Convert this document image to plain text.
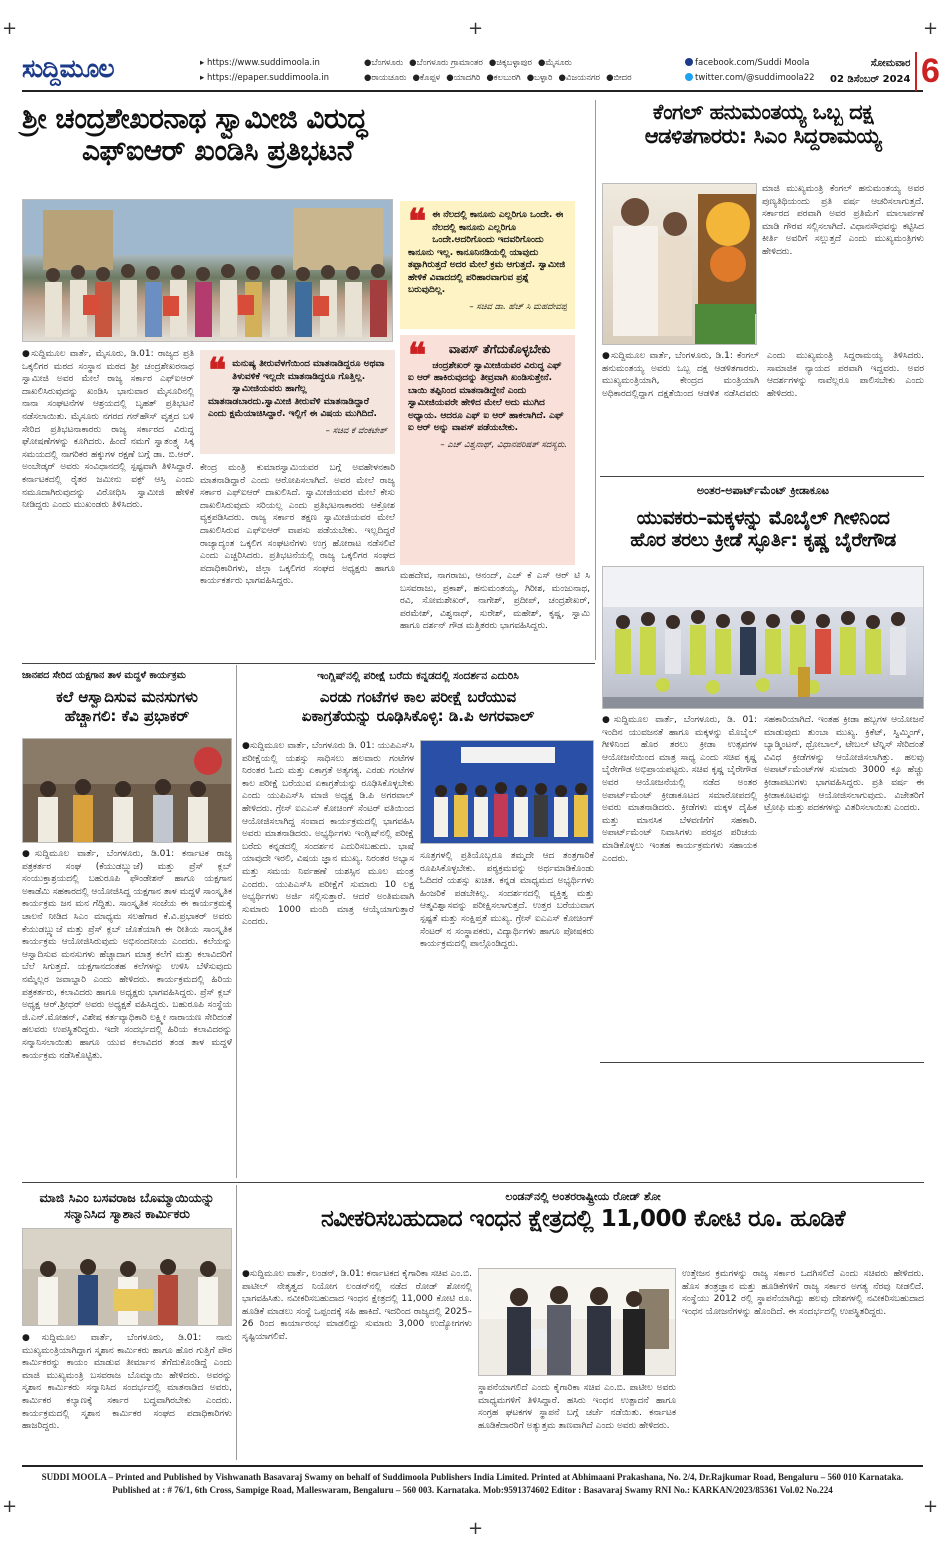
+	+
+	+
+
+
ಸುದ್ದಿಮೂಲ	▸ https://www.suddimoola.in
▸ https://epaper.suddimoola.in
●ಬೆಂಗಳೂರು ●ಬೆಂಗಳೂರು ಗ್ರಾಮಾಂತರ ●ಚಿಕ್ಕಬಳ್ಳಾಪುರ ●ಮೈಸೂರು
●ರಾಯಚೂರು ●ಕೊಪ್ಪಳ ●ಯಾದಗಿರಿ ●ಕಲಬುರಗಿ ●ಬಳ್ಳಾರಿ ●ವಿಜಯನಗರ ●ಬೀದರ
facebook.com/Suddi Moola
twitter.com/@suddimoola22
ಸೋಮವಾರ
02 ಡಿಸೆಂಬರ್ 2024 6
ಶ್ರೀ ಚಂದ್ರಶೇಖರನಾಥ ಸ್ವಾಮೀಜಿ ವಿರುದ್ಧ
ಎಫ್‌ಐಆರ್ ಖಂಡಿಸಿ ಪ್ರತಿಭಟನೆ
❝ ಈ ನೆಲದಲ್ಲಿ ಕಾನೂನು ಎಲ್ಲರಿಗೂ ಒಂದೇ. ಈ ನೆಲದಲ್ಲಿ ಕಾನೂನು ಎಲ್ಲರಿಗೂ ಒಂದೇ.ಆದರಿಗೊಂದು ಇದವರಿಗೊಂದು ಕಾನೂನು ಇಲ್ಲ. ಕಾನೂನಿನಡಿಯಲ್ಲಿ ಯಾವುದು ತಪ್ಪಾಗಿರುತ್ತದೆ ಅದರ ಮೇಲೆ ಕ್ರಮ ಆಗುತ್ತದೆ. ಸ್ವಾಮೀಜಿ ಹೇಳಿಕೆ ವಿವಾದದಲ್ಲಿ ಪರಿಹಾರವಾಗುವ ಪ್ರಶ್ನೆ ಬರುವುದಿಲ್ಲ.
– ಸಚಿವ ಡಾ. ಹೆಚ್ ಸಿ ಮಹದೇವಪ್ಪ
❝ ಮನುಷ್ಯ ತೀರುವೆಳಗೆಯಿಂದ ಮಾತನಾಡಿದ್ದರೂ ಅಥವಾ ತಿಳುವಳಿಕೆ ಇಲ್ಲದೇ ಮಾತನಾಡಿದ್ದರೂ ಗೊತ್ತಿಲ್ಲ. ಸ್ವಾಮೀಜಿಯವರು ಹಾಗೆಲ್ಲ ಮಾತನಾಡಬಾರದು.ಸ್ವಾಮೀಜಿ ತೀರುವೆಳಿ ಮಾತನಾಡಿದ್ದಾರೆ ಎಂದು ಕ್ಷಮೆಯಾಚಿಸಿದ್ದಾರೆ. ಇಲ್ಲಿಗೆ ಈ ವಿಷಯ ಮುಗಿದಿದೆ.
– ಸಚಿವ ಕೆ ವೆಂಕಟೇಶ್
❝	ವಾಪಸ್ ತೆಗೆದುಕೊಳ್ಳಬೇಕು
ಚಂದ್ರಶೇಖರ್ ಸ್ವಾಮೀಜಿಯವರ ವಿರುದ್ಧ ಎಫ್ ಐ ಆರ್ ಹಾಕಿರುವುದನ್ನು ತೀವ್ರವಾಗಿ ಖಂಡಿಸುತ್ತೇನೆ. ಬಾಯಿ ತಪ್ಪಿನಿಂದ ಮಾತನಾಡಿದ್ದೇನೆ ಎಂದು ಸ್ವಾಮೀಜಿಯವರೇ ಹೇಳಿದ ಮೇಲೆ ಅದು ಮುಗಿದ ಅಧ್ಯಾಯ. ಆದರೂ ಎಫ್ ಐ ಆರ್ ಹಾಕಲಾಗಿದೆ. ಎಫ್ ಐ ಆರ್ ಅನ್ನು ವಾಪಸ್ ಪಡೆಯಬೇಕು.
– ಎಚ್ ವಿಶ್ವನಾಥ್, ವಿಧಾನಪರಿಷತ್ ಸದಸ್ಯರು.
●ಸುದ್ದಿಮೂಲ ವಾರ್ತೆ, ಮೈಸೂರು, ಡಿ.01: ರಾಜ್ಯದ ಪ್ರತಿ ಒಕ್ಕಲಿಗರ ಮಠದ ಸಂಸ್ಥಾನ ಮಠದ ಶ್ರೀ ಚಂದ್ರಶೇಖರನಾಥ ಸ್ವಾಮೀಜಿ ಅವರ ಮೇಲೆ ರಾಜ್ಯ ಸರ್ಕಾರ ಎಫ್‌ಐಆರ್ ದಾಖಲಿಸಿರುವುದನ್ನು ಖಂಡಿಸಿ ಭಾನುವಾರ ಮೈಸೂರಿನಲ್ಲಿ ನಾನಾ ಸಂಘಟನೆಗಳ ಆಶ್ರಯದಲ್ಲಿ ಬೃಹತ್ ಪ್ರತಿಭಟನೆ ನಡೆಸಲಾಯಿತು. ಮೈಸೂರು ನಗರದ ಗನ್‌ಹೌಸ್ ವೃತ್ತದ ಬಳಿ ಸೇರಿದ ಪ್ರತಿಭಟನಾಕಾರರು ರಾಜ್ಯ ಸರ್ಕಾರದ ವಿರುದ್ಧ ಘೋಷಣೆಗಳನ್ನು ಕೂಗಿದರು. ಹಿಂದೆ ನಮಗೆ ಸ್ವಾತಂತ್ರ್ಯ ಸಿಕ್ಕ ಸಮಯದಲ್ಲಿ ನಾಗರಿಕರ ಹಕ್ಕುಗಳ ರಕ್ಷಣೆ ಬಗ್ಗೆ ಡಾ. ಬಿ.ಆರ್. ಅಂಬೇಡ್ಕರ್ ಅವರು ಸಂವಿಧಾನದಲ್ಲಿ ಸ್ಪಷ್ಟವಾಗಿ ತಿಳಿಸಿದ್ದಾರೆ. ಕರ್ನಾಟಕದಲ್ಲಿ ರೈತರ ಜಮೀನು ವಕ್ಫ್ ಆಸ್ತಿ ಎಂದು ನಮೂದಾಗಿರುವುದನ್ನು ವಿರೋಧಿಸಿ ಸ್ವಾಮೀಜಿ ಹೇಳಿಕೆ ನೀಡಿದ್ದರು ಎಂದು ಮುಖಂಡರು ತಿಳಿಸಿದರು.
ಕೇಂದ್ರ ಮಂತ್ರಿ ಕುಮಾರಸ್ವಾಮಿಯವರ ಬಗ್ಗೆ ಅವಹೇಳನಕಾರಿ ಮಾತನಾಡಿದ್ದಾರೆ ಎಂದು ಆರೋಪಿಸಲಾಗಿದೆ. ಅವರ ಮೇಲೆ ರಾಜ್ಯ ಸರ್ಕಾರ ಎಫ್‌ಐಆರ್ ದಾಖಲಿಸಿದೆ. ಸ್ವಾಮೀಜಿಯವರ ಮೇಲೆ ಕೇಸು ದಾಖಲಿಸಿರುವುದು ಸರಿಯಲ್ಲ ಎಂದು ಪ್ರತಿಭಟನಾಕಾರರು ಆಕ್ರೋಶ ವ್ಯಕ್ತಪಡಿಸಿದರು. ರಾಜ್ಯ ಸರ್ಕಾರ ತಕ್ಷಣ ಸ್ವಾಮೀಜಿಯವರ ಮೇಲೆ ದಾಖಲಿಸಿರುವ ಎಫ್‌ಐಆರ್ ವಾಪಸು ಪಡೆಯಬೇಕು. ಇಲ್ಲದಿದ್ದರೆ ರಾಜ್ಯಾದ್ಯಂತ ಒಕ್ಕಲಿಗ ಸಂಘಟನೆಗಳು ಉಗ್ರ ಹೋರಾಟ ನಡೆಸಲಿವೆ ಎಂದು ಎಚ್ಚರಿಸಿದರು. ಪ್ರತಿಭಟನೆಯಲ್ಲಿ ರಾಜ್ಯ ಒಕ್ಕಲಿಗರ ಸಂಘದ ಪದಾಧಿಕಾರಿಗಳು, ಜಿಲ್ಲಾ ಒಕ್ಕಲಿಗರ ಸಂಘದ ಅಧ್ಯಕ್ಷರು ಹಾಗೂ ಕಾರ್ಯಕರ್ತರು ಭಾಗವಹಿಸಿದ್ದರು.
ಮಹದೇವ, ನಾಗರಾಜು, ಆನಂದ್, ಎಚ್ ಕೆ ಎಸ್ ಆರ್ ಟಿ ಸಿ ಬಸವರಾಜು, ಪ್ರಕಾಶ್, ಹನುಮಂತಯ್ಯ, ಗಿರೀಶ, ಮಂಜುನಾಥ, ರವಿ, ಸೋಮಶೇಖರ್, ನಾಗೇಶ್, ಪ್ರದೀಪ್, ಚಂದ್ರಶೇಖರ್, ಪರಮೇಶ್, ವಿಶ್ವನಾಥ್, ಸುರೇಶ್, ಮಹೇಶ್, ಕೃಷ್ಣ, ಸ್ವಾಮಿ ಹಾಗೂ ದರ್ಶನ್ ಗೌಡ ಮತ್ತಿತರರು ಭಾಗವಹಿಸಿದ್ದರು.
ಕೆಂಗಲ್ ಹನುಮಂತಯ್ಯ ಒಬ್ಬ ದಕ್ಷ
ಆಡಳಿತಗಾರರು: ಸಿಎಂ ಸಿದ್ದರಾಮಯ್ಯ
ಮಾಜಿ ಮುಖ್ಯಮಂತ್ರಿ ಕೆಂಗಲ್ ಹನುಮಂತಯ್ಯ ಅವರ ಪುಣ್ಯತಿಥಿಯಂದು ಪ್ರತಿ ವರ್ಷ ಆಚರಿಸಲಾಗುತ್ತದೆ. ಸರ್ಕಾರದ ಪರವಾಗಿ ಅವರ ಪ್ರತಿಮೆಗೆ ಮಾಲಾರ್ಪಣೆ ಮಾಡಿ ಗೌರವ ಸಲ್ಲಿಸಲಾಗಿದೆ. ವಿಧಾನಸೌಧವನ್ನು ಕಟ್ಟಿಸಿದ ಕೀರ್ತಿ ಅವರಿಗೆ ಸಲ್ಲುತ್ತದೆ ಎಂದು ಮುಖ್ಯಮಂತ್ರಿಗಳು ಹೇಳಿದರು.
●ಸುದ್ದಿಮೂಲ ವಾರ್ತೆ, ಬೆಂಗಳೂರು, ಡಿ.1: ಕೆಂಗಲ್ ಹನುಮಂತಯ್ಯ ಅವರು ಒಬ್ಬ ದಕ್ಷ ಆಡಳಿತಗಾರರು. ಮುಖ್ಯಮಂತ್ರಿಯಾಗಿ, ಕೇಂದ್ರದ ಮಂತ್ರಿಯಾಗಿ ಅಧಿಕಾರದಲ್ಲಿದ್ದಾಗ ದಕ್ಷತೆಯಿಂದ ಆಡಳಿತ ನಡೆಸಿದವರು ಎಂದು ಮುಖ್ಯಮಂತ್ರಿ ಸಿದ್ದರಾಮಯ್ಯ ತಿಳಿಸಿದರು. ಸಾಮಾಜಿಕ ನ್ಯಾಯದ ಪರವಾಗಿ ಇದ್ದವರು. ಅವರ ಆದರ್ಶಗಳನ್ನು ನಾವೆಲ್ಲರೂ ಪಾಲಿಸಬೇಕು ಎಂದು ಹೇಳಿದರು.
ಅಂತರ-ಅಪಾರ್ಟ್‌ಮೆಂಟ್ ಕ್ರೀಡಾಕೂಟ
ಯುವಕರು–ಮಕ್ಕಳನ್ನು ಮೊಬೈಲ್ ಗೀಳಿನಿಂದ
ಹೊರ ತರಲು ಕ್ರೀಡೆ ಸ್ಫೂರ್ತಿ: ಕೃಷ್ಣ ಬೈರೇಗೌಡ
●ಸುದ್ದಿಮೂಲ ವಾರ್ತೆ, ಬೆಂಗಳೂರು, ಡಿ. 01: ಇಂದಿನ ಯುವಜನತೆ ಹಾಗೂ ಮಕ್ಕಳನ್ನು ಮೊಬೈಲ್ ಗೀಳಿನಿಂದ ಹೊರ ತರಲು ಕ್ರೀಡಾ ಉತ್ಸವಗಳ ಆಯೋಜನೆಯಿಂದ ಮಾತ್ರ ಸಾಧ್ಯ ಎಂದು ಸಚಿವ ಕೃಷ್ಣ ಬೈರೇಗೌಡ ಅಭಿಪ್ರಾಯಪಟ್ಟರು. ಸಚಿವ ಕೃಷ್ಣ ಬೈರೇಗೌಡ ಅವರ ಆಯೋಜನೆಯಲ್ಲಿ ನಡೆದ ಅಂತರ ಅಪಾರ್ಟ್‌ಮೆಂಟ್ ಕ್ರೀಡಾಕೂಟದ ಸಮಾರೋಪದಲ್ಲಿ ಅವರು ಮಾತನಾಡಿದರು. ಕ್ರೀಡೆಗಳು ಮಕ್ಕಳ ದೈಹಿಕ ಮತ್ತು ಮಾನಸಿಕ ಬೆಳವಣಿಗೆಗೆ ಸಹಕಾರಿ. ಅಪಾರ್ಟ್‌ಮೆಂಟ್ ನಿವಾಸಿಗಳು ಪರಸ್ಪರ ಪರಿಚಯ ಮಾಡಿಕೊಳ್ಳಲು ಇಂತಹ ಕಾರ್ಯಕ್ರಮಗಳು ಸಹಾಯಕ ಎಂದರು.
ಸಹಕಾರಿಯಾಗಿದೆ. ಇಂತಹ ಕ್ರೀಡಾ ಹಬ್ಬಗಳ ಆಯೋಜನೆ ಮಾಡುವುದು ತುಂಬಾ ಮುಖ್ಯ. ಕ್ರಿಕೆಟ್, ಸ್ವಿಮ್ಮಿಂಗ್, ಬ್ಯಾಡ್ಮಿಂಟನ್, ಥ್ರೋಬಾಲ್, ಟೇಬಲ್ ಟೆನ್ನಿಸ್ ಸೇರಿದಂತೆ ವಿವಿಧ ಕ್ರೀಡೆಗಳನ್ನು ಆಯೋಜಿಸಲಾಗಿತ್ತು. ಹಲವು ಅಪಾರ್ಟ್‌ಮೆಂಟ್‌ಗಳ ಸುಮಾರು 3000 ಕ್ಕೂ ಹೆಚ್ಚು ಕ್ರೀಡಾಪಟುಗಳು ಭಾಗವಹಿಸಿದ್ದರು. ಪ್ರತಿ ವರ್ಷ ಈ ಕ್ರೀಡಾಕೂಟವನ್ನು ಆಯೋಜಿಸಲಾಗುವುದು. ವಿಜೇತರಿಗೆ ಟ್ರೋಫಿ ಮತ್ತು ಪದಕಗಳನ್ನು ವಿತರಿಸಲಾಯಿತು ಎಂದರು.
ಜಾನಪದ ಸೇರಿದ ಯಕ್ಷಗಾನ ತಾಳ ಮದ್ದಳೆ ಕಾರ್ಯಕ್ರಮ
ಕಲೆ ಆಸ್ವಾದಿಸುವ ಮನಸುಗಳು
ಹೆಚ್ಚಾಗಲಿ: ಕೆವಿ ಪ್ರಭಾಕರ್
●ಸುದ್ದಿಮೂಲ ವಾರ್ತೆ, ಬೆಂಗಳೂರು, ಡಿ.01: ಕರ್ನಾಟಕ ರಾಜ್ಯ ಪತ್ರಕರ್ತರ ಸಂಘ (ಕೆಯುಡಬ್ಲ್ಯುಜೆ) ಮತ್ತು ಪ್ರೆಸ್ ಕ್ಲಬ್ ಸಂಯುಕ್ತಾಶ್ರಯದಲ್ಲಿ ಬಹುರೂಪಿ ಫೌಂಡೇಶನ್ ಹಾಗೂ ಯಕ್ಷಗಾನ ಅಕಾಡೆಮಿ ಸಹಕಾರದಲ್ಲಿ ಆಯೋಜಿಸಿದ್ದ ಯಕ್ಷಗಾನ ತಾಳ ಮದ್ದಳೆ ಸಾಂಸ್ಕೃತಿಕ ಕಾರ್ಯಕ್ರಮ ಜನ ಮನ ಗೆದ್ದಿತು. ಸಾಂಸ್ಕೃತಿಕ ಸಂಜೆಯ ಈ ಕಾರ್ಯಕ್ರಮಕ್ಕೆ ಚಾಲನೆ ನೀಡಿದ ಸಿಎಂ ಮಾಧ್ಯಮ ಸಲಹೆಗಾರ ಕೆ.ವಿ.ಪ್ರಭಾಕರ್ ಅವರು ಕೆಯುಡಬ್ಲ್ಯುಜೆ ಮತ್ತು ಪ್ರೆಸ್ ಕ್ಲಬ್ ಜೊತೆಯಾಗಿ ಈ ರೀತಿಯ ಸಾಂಸ್ಕೃತಿಕ ಕಾರ್ಯಕ್ರಮ ಆಯೋಜಿಸಿರುವುದು ಅಭಿನಂದನೀಯ ಎಂದರು. ಕಲೆಯನ್ನು ಆಸ್ವಾದಿಸುವ ಮನಸುಗಳು ಹೆಚ್ಚಾದಾಗ ಮಾತ್ರ ಕಲೆಗೆ ಮತ್ತು ಕಲಾವಿದರಿಗೆ ಬೆಲೆ ಸಿಗುತ್ತದೆ. ಯಕ್ಷಗಾನದಂತಹ ಕಲೆಗಳನ್ನು ಉಳಿಸಿ ಬೆಳೆಸುವುದು ನಮ್ಮೆಲ್ಲರ ಜವಾಬ್ದಾರಿ ಎಂದು ಹೇಳಿದರು. ಕಾರ್ಯಕ್ರಮದಲ್ಲಿ ಹಿರಿಯ ಪತ್ರಕರ್ತರು, ಕಲಾವಿದರು ಹಾಗೂ ಅಧ್ಯಕ್ಷರು ಭಾಗವಹಿಸಿದ್ದರು. ಪ್ರೆಸ್ ಕ್ಲಬ್ ಅಧ್ಯಕ್ಷ ಆರ್.ಶ್ರೀಧರ್ ಅವರು ಅಧ್ಯಕ್ಷತೆ ವಹಿಸಿದ್ದರು. ಬಹುರೂಪಿ ಸಂಸ್ಥೆಯ ಜಿ.ಎನ್.ಮೋಹನ್, ವಿಶೇಷ ಕರ್ತವ್ಯಾಧಿಕಾರಿ ಲಕ್ಷ್ಮೀ ನಾರಾಯಣ ಸೇರಿದಂತೆ ಹಲವರು ಉಪಸ್ಥಿತರಿದ್ದರು. ಇದೇ ಸಂದರ್ಭದಲ್ಲಿ ಹಿರಿಯ ಕಲಾವಿದರನ್ನು ಸನ್ಮಾನಿಸಲಾಯಿತು ಹಾಗೂ ಯುವ ಕಲಾವಿದರ ತಂಡ ತಾಳ ಮದ್ದಳೆ ಕಾರ್ಯಕ್ರಮ ನಡೆಸಿಕೊಟ್ಟಿತು.
ಇಂಗ್ಲಿಷ್‌ನಲ್ಲಿ ಪರೀಕ್ಷೆ ಬರೆದು ಕನ್ನಡದಲ್ಲಿ ಸಂದರ್ಶನ ಎದುರಿಸಿ
ಎರಡು ಗಂಟೆಗಳ ಕಾಲ ಪರೀಕ್ಷೆ ಬರೆಯುವ
ಏಕಾಗ್ರತೆಯನ್ನು ರೂಢಿಸಿಕೊಳ್ಳಿ: ಡಿ.ಪಿ ಅಗರವಾಲ್
●ಸುದ್ದಿಮೂಲ ವಾರ್ತೆ, ಬೆಂಗಳೂರು ಡಿ. 01: ಯುಪಿಎಸ್‌ಸಿ ಪರೀಕ್ಷೆಯಲ್ಲಿ ಯಶಸ್ಸು ಸಾಧಿಸಲು ಹಲವಾರು ಗಂಟೆಗಳ ನಿರಂತರ ಓದು ಮತ್ತು ಏಕಾಗ್ರತೆ ಅತ್ಯಗತ್ಯ. ಎರಡು ಗಂಟೆಗಳ ಕಾಲ ಪರೀಕ್ಷೆ ಬರೆಯುವ ಏಕಾಗ್ರತೆಯನ್ನು ರೂಢಿಸಿಕೊಳ್ಳಬೇಕು ಎಂದು ಯುಪಿಎಸ್‌ಸಿ ಮಾಜಿ ಅಧ್ಯಕ್ಷ ಡಿ.ಪಿ ಅಗರವಾಲ್ ಹೇಳಿದರು. ಗ್ರೇಸ್ ಐಎಎಸ್ ಕೋಚಿಂಗ್ ಸೆಂಟರ್ ವತಿಯಿಂದ ಆಯೋಜಿಸಲಾಗಿದ್ದ ಸಂವಾದ ಕಾರ್ಯಕ್ರಮದಲ್ಲಿ ಭಾಗವಹಿಸಿ ಅವರು ಮಾತನಾಡಿದರು. ಅಭ್ಯರ್ಥಿಗಳು ಇಂಗ್ಲಿಷ್‌ನಲ್ಲಿ ಪರೀಕ್ಷೆ ಬರೆದು ಕನ್ನಡದಲ್ಲಿ ಸಂದರ್ಶನ ಎದುರಿಸಬಹುದು. ಭಾಷೆ ಯಾವುದೇ ಇರಲಿ, ವಿಷಯ ಜ್ಞಾನ ಮುಖ್ಯ. ನಿರಂತರ ಅಭ್ಯಾಸ ಮತ್ತು ಸಮಯ ನಿರ್ವಹಣೆ ಯಶಸ್ಸಿನ ಮೂಲ ಮಂತ್ರ ಎಂದರು. ಯುಪಿಎಸ್‌ಸಿ ಪರೀಕ್ಷೆಗೆ ಸುಮಾರು 10 ಲಕ್ಷ ಅಭ್ಯರ್ಥಿಗಳು ಅರ್ಜಿ ಸಲ್ಲಿಸುತ್ತಾರೆ. ಆದರೆ ಅಂತಿಮವಾಗಿ ಸುಮಾರು 1000 ಮಂದಿ ಮಾತ್ರ ಆಯ್ಕೆಯಾಗುತ್ತಾರೆ ಎಂದರು.
ಸೂತ್ರಗಳಲ್ಲಿ ಪ್ರತಿಯೊಬ್ಬರೂ ತಮ್ಮದೇ ಆದ ತಂತ್ರಗಾರಿಕೆ ರೂಪಿಸಿಕೊಳ್ಳಬೇಕು. ಪಠ್ಯಕ್ರಮವನ್ನು ಅರ್ಥಮಾಡಿಕೊಂಡು ಓದಿದರೆ ಯಶಸ್ಸು ಖಚಿತ. ಕನ್ನಡ ಮಾಧ್ಯಮದ ಅಭ್ಯರ್ಥಿಗಳು ಹಿಂಜರಿಕೆ ಪಡಬೇಕಿಲ್ಲ. ಸಂದರ್ಶನದಲ್ಲಿ ವ್ಯಕ್ತಿತ್ವ ಮತ್ತು ಆತ್ಮವಿಶ್ವಾಸವನ್ನು ಪರೀಕ್ಷಿಸಲಾಗುತ್ತದೆ. ಉತ್ತರ ಬರೆಯುವಾಗ ಸ್ಪಷ್ಟತೆ ಮತ್ತು ಸಂಕ್ಷಿಪ್ತತೆ ಮುಖ್ಯ. ಗ್ರೇಸ್ ಐಎಎಸ್ ಕೋಚಿಂಗ್ ಸೆಂಟರ್ ನ ಸಂಸ್ಥಾಪಕರು, ವಿದ್ಯಾರ್ಥಿಗಳು ಹಾಗೂ ಪೋಷಕರು ಕಾರ್ಯಕ್ರಮದಲ್ಲಿ ಪಾಲ್ಗೊಂಡಿದ್ದರು.
ಮಾಜಿ ಸಿಎಂ ಬಸವರಾಜ ಬೊಮ್ಮಾಯಿಯನ್ನು
ಸನ್ಮಾನಿಸಿದ ಸ್ಮಾಶಾನ ಕಾರ್ಮಿಕರು
●ಸುದ್ದಿಮೂಲ ವಾರ್ತೆ, ಬೆಂಗಳೂರು, ಡಿ.01: ನಾನು ಮುಖ್ಯಮಂತ್ರಿಯಾಗಿದ್ದಾಗ ಸ್ಮಶಾನ ಕಾರ್ಮಿಕರು ಹಾಗೂ ಹೊರ ಗುತ್ತಿಗೆ ಪೌರ ಕಾರ್ಮಿಕರನ್ನು ಕಾಯಂ ಮಾಡುವ ತೀರ್ಮಾನ ತೆಗೆದುಕೊಂಡಿದ್ದೆ ಎಂದು ಮಾಜಿ ಮುಖ್ಯಮಂತ್ರಿ ಬಸವರಾಜ ಬೊಮ್ಮಾಯಿ ಹೇಳಿದರು. ಅವರನ್ನು ಸ್ಮಶಾನ ಕಾರ್ಮಿಕರು ಸನ್ಮಾನಿಸಿದ ಸಂದರ್ಭದಲ್ಲಿ ಮಾತನಾಡಿದ ಅವರು, ಕಾರ್ಮಿಕರ ಕಲ್ಯಾಣಕ್ಕೆ ಸರ್ಕಾರ ಬದ್ಧವಾಗಿರಬೇಕು ಎಂದರು. ಕಾರ್ಯಕ್ರಮದಲ್ಲಿ ಸ್ಮಶಾನ ಕಾರ್ಮಿಕರ ಸಂಘದ ಪದಾಧಿಕಾರಿಗಳು ಹಾಜರಿದ್ದರು.
ಲಂಡನ್‌ನಲ್ಲಿ ಅಂತರರಾಷ್ಟ್ರೀಯ ರೋಡ್ ಶೋ
ನವೀಕರಿಸಬಹುದಾದ ಇಂಧನ ಕ್ಷೇತ್ರದಲ್ಲಿ 11,000 ಕೋಟಿ ರೂ. ಹೂಡಿಕೆ
●ಸುದ್ದಿಮೂಲ ವಾರ್ತೆ, ಲಂಡನ್, ಡಿ.01: ಕರ್ನಾಟಕದ ಕೈಗಾರಿಕಾ ಸಚಿವ ಎಂ.ಬಿ. ಪಾಟೀಲ್ ನೇತೃತ್ವದ ನಿಯೋಗ ಲಂಡನ್‌ನಲ್ಲಿ ನಡೆದ ರೋಡ್ ಶೋನಲ್ಲಿ ಭಾಗವಹಿಸಿತು. ನವೀಕರಿಸಬಹುದಾದ ಇಂಧನ ಕ್ಷೇತ್ರದಲ್ಲಿ 11,000 ಕೋಟಿ ರೂ. ಹೂಡಿಕೆ ಮಾಡಲು ಸಂಸ್ಥೆ ಒಪ್ಪಂದಕ್ಕೆ ಸಹಿ ಹಾಕಿದೆ. ಇದರಿಂದ ರಾಜ್ಯದಲ್ಲಿ 2025–26 ರಿಂದ ಕಾರ್ಯಾರಂಭ ಮಾಡಲಿದ್ದು ಸುಮಾರು 3,000 ಉದ್ಯೋಗಗಳು ಸೃಷ್ಟಿಯಾಗಲಿವೆ.
ಸ್ಥಾಪನೆಯಾಗಲಿದೆ ಎಂದು ಕೈಗಾರಿಕಾ ಸಚಿವ ಎಂ.ಬಿ. ಪಾಟೀಲ ಅವರು ಮಾಧ್ಯಮಗಳಿಗೆ ತಿಳಿಸಿದ್ದಾರೆ. ಹಸಿರು ಇಂಧನ ಉತ್ಪಾದನೆ ಹಾಗೂ ಸಂಗ್ರಹ ಘಟಕಗಳ ಸ್ಥಾಪನೆ ಬಗ್ಗೆ ಚರ್ಚೆ ನಡೆಯಿತು. ಕರ್ನಾಟಕ ಹೂಡಿಕೆದಾರರಿಗೆ ಅತ್ಯುತ್ತಮ ತಾಣವಾಗಿದೆ ಎಂದು ಅವರು ಹೇಳಿದರು.
ಉತ್ತೇಜನ ಕ್ರಮಗಳನ್ನು ರಾಜ್ಯ ಸರ್ಕಾರ ಒದಗಿಸಲಿದೆ ಎಂದು ಸಚಿವರು ಹೇಳಿದರು. ಹೊಸ ತಂತ್ರಜ್ಞಾನ ಮತ್ತು ಹೂಡಿಕೆಗಳಿಗೆ ರಾಜ್ಯ ಸರ್ಕಾರ ಅಗತ್ಯ ನೆರವು ನೀಡಲಿದೆ. ಸಂಸ್ಥೆಯು 2012 ರಲ್ಲಿ ಸ್ಥಾಪನೆಯಾಗಿದ್ದು ಹಲವು ದೇಶಗಳಲ್ಲಿ ನವೀಕರಿಸಬಹುದಾದ ಇಂಧನ ಯೋಜನೆಗಳನ್ನು ಹೊಂದಿದೆ. ಈ ಸಂದರ್ಭದಲ್ಲಿ ಉಪಸ್ಥಿತರಿದ್ದರು.
SUDDI MOOLA – Printed and Published by Vishwanath Basavaraj Swamy on behalf of Suddimoola Publishers India Limited. Printed at Abhimaani Prakashana, No. 2/4, Dr.Rajkumar Road, Bengaluru – 560 010 Karnataka.
Published at : # 76/1, 6th Cross, Sampige Road, Malleswaram, Bengaluru – 560 003. Karnataka. Mob:9591374602 Editor : Basavaraj Swamy RNI No.: KARKAN/2023/85361 Vol.02 No.224
